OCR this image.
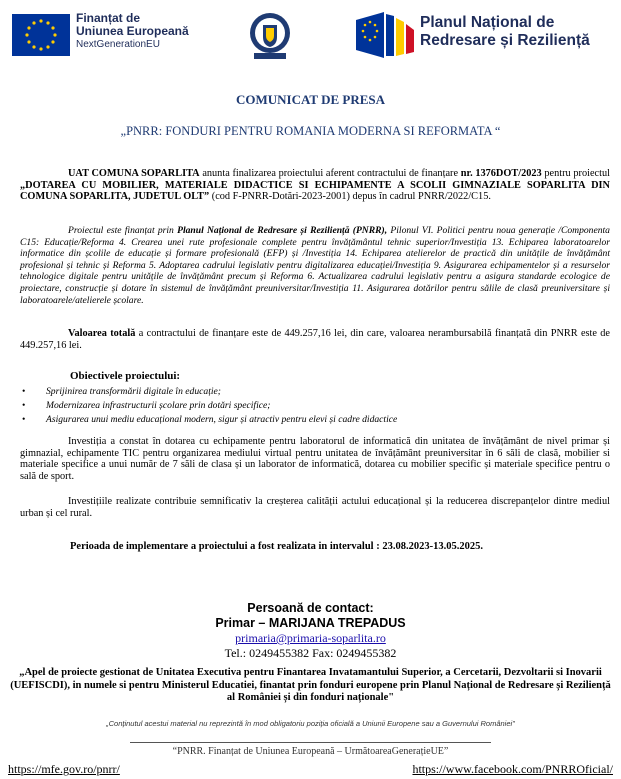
Finanțat de
Uniunea Europeană
NextGenerationEU
Planul Național de
Redresare și Reziliență
COMUNICAT DE PRESA
„PNRR: FONDURI PENTRU ROMANIA MODERNA SI REFORMATA “
UAT COMUNA SOPARLITA anunta finalizarea proiectului aferent contractului de finanțare nr. 1376DOT/2023 pentru proiectul „DOTAREA CU MOBILIER, MATERIALE DIDACTICE SI ECHIPAMENTE A SCOLII GIMNAZIALE SOPARLITA DIN COMUNA SOPARLITA, JUDETUL OLT” (cod F-PNRR-Dotări-2023-2001) depus în cadrul PNRR/2022/C15.
Proiectul este finanțat prin Planul Național de Redresare și Reziliență (PNRR), Pilonul VI. Politici pentru noua generație /Componenta C15: Educație/Reforma 4. Crearea unei rute profesionale complete pentru învățământul tehnic superior/Investiția 13. Echiparea laboratoarelor informatice din școlile de educație și formare profesională (EFP) și /Investiția 14. Echiparea atelierelor de practică din unitățile de învățământ profesional și tehnic și Reforma 5. Adoptarea cadrului legislativ pentru digitalizarea educației/Investiția 9. Asigurarea echipamentelor și a resurselor tehnologice digitale pentru unitățile de învățământ precum și Reforma 6. Actualizarea cadrului legislativ pentru a asigura standarde ecologice de proiectare, construcție și dotare în sistemul de învățământ preuniversitar/Investiția 11. Asigurarea dotărilor pentru sălile de clasă preuniversitare și laboratoarele/atelierele școlare.
Valoarea totală a contractului de finanțare este de 449.257,16 lei, din care, valoarea nerambursabilă finanțată din PNRR este de 449.257,16 lei.
Obiectivele proiectului:
• Sprijinirea transformării digitale în educație;
• Modernizarea infrastructurii școlare prin dotări specifice;
• Asigurarea unui mediu educațional modern, sigur și atractiv pentru elevi și cadre didactice
Investiția a constat în dotarea cu echipamente pentru laboratorul de informatică din unitatea de învățământ de nivel primar și gimnazial, echipamente TIC pentru organizarea mediului virtual pentru unitatea de învățământ preuniversitar în 6 săli de clasă, mobilier si materiale specifice a unui număr de 7 săli de clasa și un laborator de informatică, dotarea cu mobilier specific și materiale specifice pentru o sală de sport.
Investițiile realizate contribuie semnificativ la creșterea calității actului educațional și la reducerea discrepanțelor dintre mediul urban și cel rural.
Perioada de implementare a proiectului a fost realizata in intervalul : 23.08.2023-13.05.2025.
Persoană de contact:
Primar – MARIJANA TREPADUS
primaria@primaria-soparlita.ro
Tel.: 0249455382 Fax: 0249455382
„Apel de proiecte gestionat de Unitatea Executiva pentru Finantarea Invatamantului Superior, a Cercetarii, Dezvoltarii si Inovarii (UEFISCDI), in numele si pentru Ministerul Educatiei, finantat prin fonduri europene prin Planul Național de Redresare și Reziliență al României și din fonduri naționale"
„Conținutul acestui material nu reprezintă în mod obligatoriu poziția oficială a Uniunii Europene sau a Guvernului României"
“PNRR. Finanțat de Uniunea Europeană – UrmătoareaGenerațieUE”
https://mfe.gov.ro/pnrr/	https://www.facebook.com/PNRROficial/
